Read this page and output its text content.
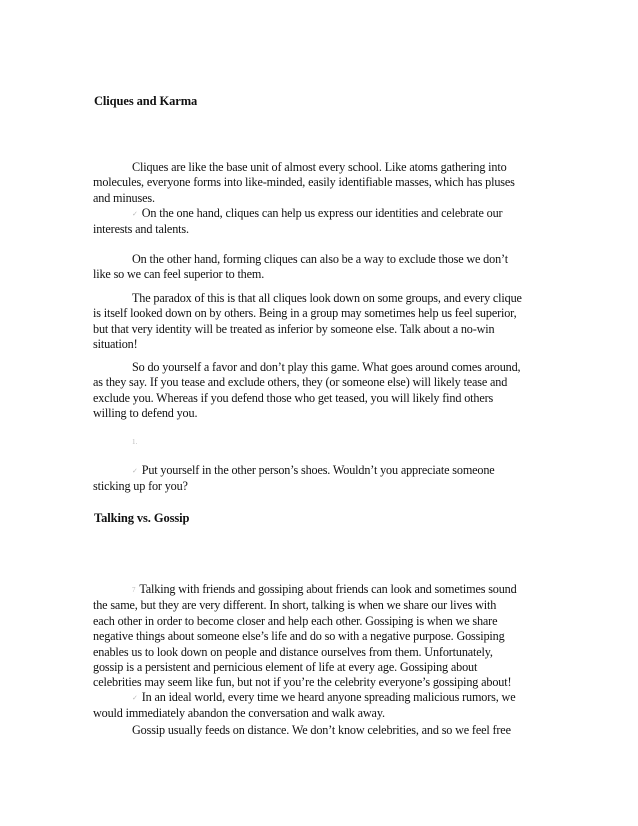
Cliques and Karma
Cliques are like the base unit of almost every school. Like atoms gathering into
molecules, everyone forms into like-minded, easily identifiable masses, which has pluses
and minuses.
✓ On the one hand, cliques can help us express our identities and celebrate our
interests and talents.
On the other hand, forming cliques can also be a way to exclude those we don’t
like so we can feel superior to them.
The paradox of this is that all cliques look down on some groups, and every clique
is itself looked down on by others. Being in a group may sometimes help us feel superior,
but that very identity will be treated as inferior by someone else. Talk about a no-win
situation!
So do yourself a favor and don’t play this game. What goes around comes around,
as they say. If you tease and exclude others, they (or someone else) will likely tease and
exclude you. Whereas if you defend those who get teased, you will likely find others
willing to defend you.
1.
✓ Put yourself in the other person’s shoes. Wouldn’t you appreciate someone
sticking up for you?
Talking vs. Gossip
7 Talking with friends and gossiping about friends can look and sometimes sound
the same, but they are very different. In short, talking is when we share our lives with
each other in order to become closer and help each other. Gossiping is when we share
negative things about someone else’s life and do so with a negative purpose. Gossiping
enables us to look down on people and distance ourselves from them. Unfortunately,
gossip is a persistent and pernicious element of life at every age. Gossiping about
celebrities may seem like fun, but not if you’re the celebrity everyone’s gossiping about!
✓ In an ideal world, every time we heard anyone spreading malicious rumors, we
would immediately abandon the conversation and walk away.
Gossip usually feeds on distance. We don’t know celebrities, and so we feel free
